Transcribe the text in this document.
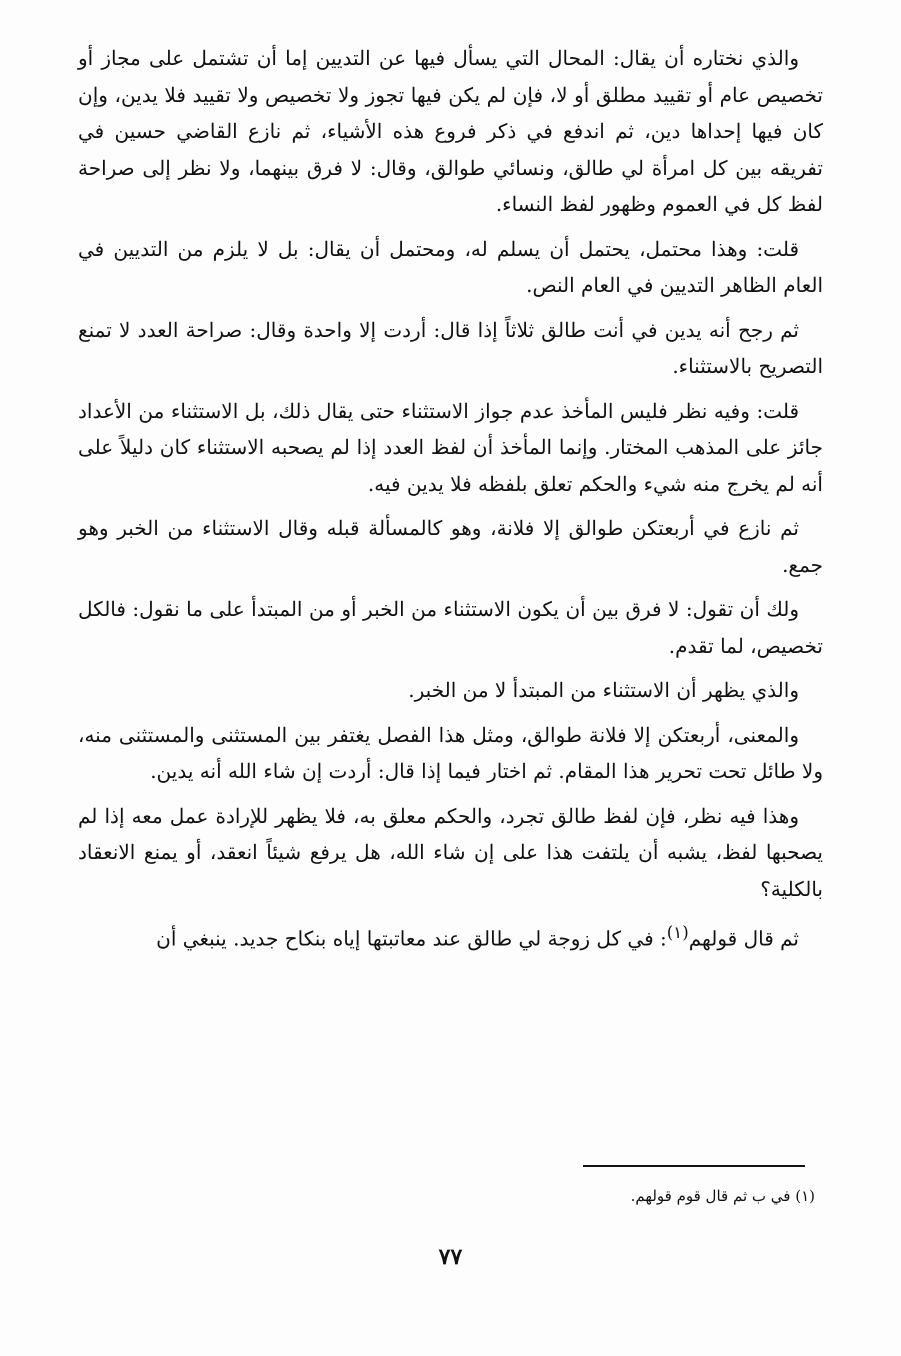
والذي نختاره أن يقال: المحال التي يسأل فيها عن التديين إما أن تشتمل على مجاز أو تخصيص عام أو تقييد مطلق أو لا، فإن لم يكن فيها تجوز ولا تخصيص ولا تقييد فلا يدين، وإن كان فيها إحداها دين، ثم اندفع في ذكر فروع هذه الأشياء، ثم نازع القاضي حسين في تفريقه بين كل امرأة لي طالق، ونسائي طوالق، وقال: لا فرق بينهما، ولا نظر إلى صراحة لفظ كل في العموم وظهور لفظ النساء.

قلت: وهذا محتمل، يحتمل أن يسلم له، ومحتمل أن يقال: بل لا يلزم من التديين في العام الظاهر التديين في العام النص.

ثم رجح أنه يدين في أنت طالق ثلاثاً إذا قال: أردت إلا واحدة وقال: صراحة العدد لا تمنع التصريح بالاستثناء.

قلت: وفيه نظر فليس المأخذ عدم جواز الاستثناء حتى يقال ذلك، بل الاستثناء من الأعداد جائز على المذهب المختار. وإنما المأخذ أن لفظ العدد إذا لم يصحبه الاستثناء كان دليلاً على أنه لم يخرج منه شيء والحكم تعلق بلفظه فلا يدين فيه.

ثم نازع في أربعتكن طوالق إلا فلانة، وهو كالمسألة قبله وقال الاستثناء من الخبر وهو جمع.

ولك أن تقول: لا فرق بين أن يكون الاستثناء من الخبر أو من المبتدأ على ما نقول: فالكل تخصيص، لما تقدم.

والذي يظهر أن الاستثناء من المبتدأ لا من الخبر.

والمعنى، أربعتكن إلا فلانة طوالق، ومثل هذا الفصل يغتفر بين المستثنى والمستثنى منه، ولا طائل تحت تحرير هذا المقام. ثم اختار فيما إذا قال: أردت إن شاء الله أنه يدين.

وهذا فيه نظر، فإن لفظ طالق تجرد، والحكم معلق به، فلا يظهر للإرادة عمل معه إذا لم يصحبها لفظ، يشبه أن يلتفت هذا على إن شاء الله، هل يرفع شيئاً انعقد، أو يمنع الانعقاد بالكلية؟

ثم قال قولهم$^{(١)}$: في كل زوجة لي طالق عند معاتبتها إياه بنكاح جديد. ينبغي أن

(١) في ب ثم قال قوم قولهم.
٧٧
